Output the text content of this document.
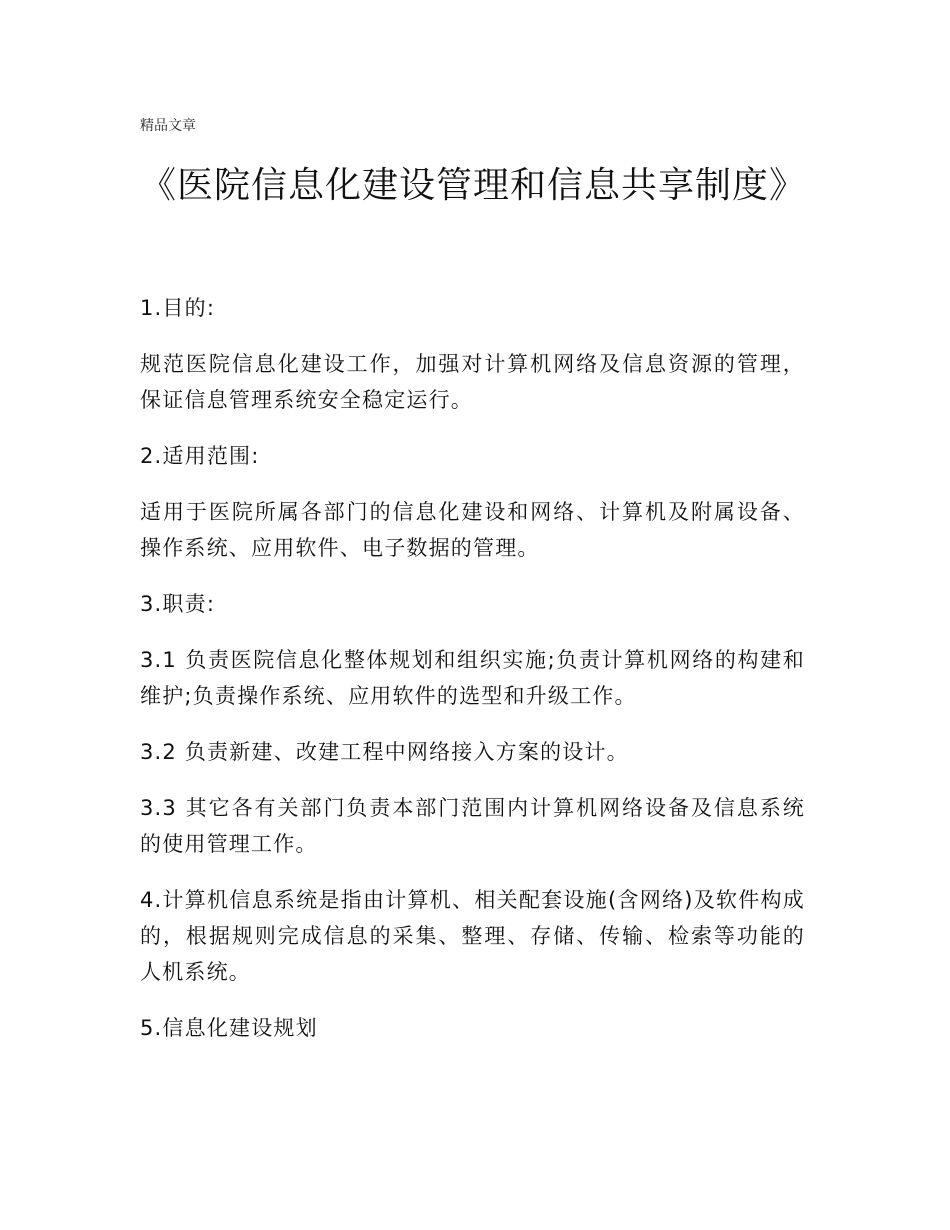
精品文章
《医院信息化建设管理和信息共享制度》

1.目的:

规范医院信息化建设工作，加强对计算机网络及信息资源的管理，保证信息管理系统安全稳定运行。

2.适用范围:

适用于医院所属各部门的信息化建设和网络、计算机及附属设备、操作系统、应用软件、电子数据的管理。

3.职责:

3.1 负责医院信息化整体规划和组织实施;负责计算机网络的构建和维护;负责操作系统、应用软件的选型和升级工作。

3.2 负责新建、改建工程中网络接入方案的设计。

3.3 其它各有关部门负责本部门范围内计算机网络设备及信息系统的使用管理工作。

4.计算机信息系统是指由计算机、相关配套设施(含网络)及软件构成的，根据规则完成信息的采集、整理、存储、传输、检索等功能的人机系统。

5.信息化建设规划
